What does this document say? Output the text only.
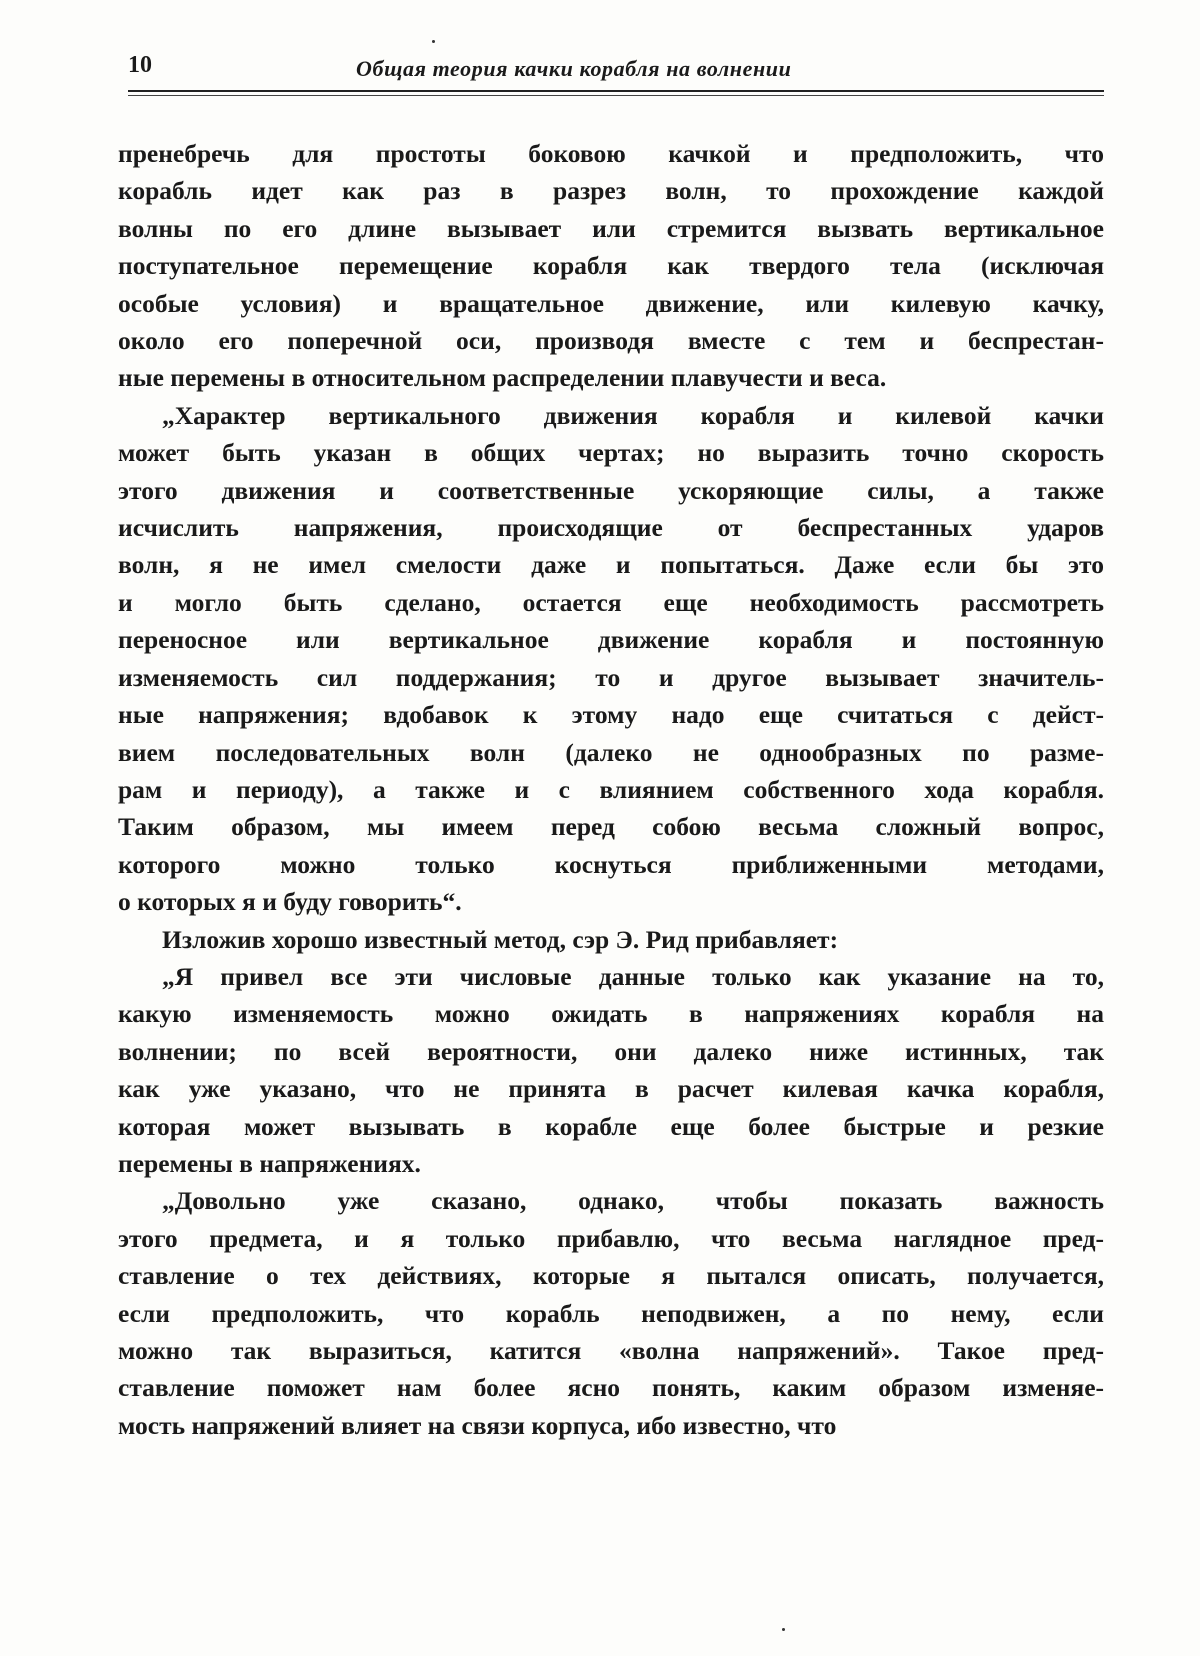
10	Общая теория качки корабля на волнении
пренебречь для простоты боковою качкой и предположить, что
корабль идет как раз в разрез волн, то прохождение каждой
волны по его длине вызывает или стремится вызвать вертикальное
поступательное перемещение корабля как твердого тела (исключая
особые условия) и вращательное движение, или килевую качку,
около его поперечной оси, производя вместе с тем и беспрестан-
ные перемены в относительном распределении плавучести и веса.
„Характер вертикального движения корабля и килевой качки
может быть указан в общих чертах; но выразить точно скорость
этого движения и соответственные ускоряющие силы, а также
исчислить напряжения, происходящие от беспрестанных ударов
волн, я не имел смелости даже и попытаться. Даже если бы это
и могло быть сделано, остается еще необходимость рассмотреть
переносное или вертикальное движение корабля и постоянную
изменяемость сил поддержания; то и другое вызывает значитель-
ные напряжения; вдобавок к этому надо еще считаться с дейст-
вием последовательных волн (далеко не однообразных по разме-
рам и периоду), а также и с влиянием собственного хода корабля.
Таким образом, мы имеем перед собою весьма сложный вопрос,
которого можно только коснуться приближенными методами,
о которых я и буду говорить“.
Изложив хорошо известный метод, сэр Э. Рид прибавляет:
„Я привел все эти числовые данные только как указание на то,
какую изменяемость можно ожидать в напряжениях корабля на
волнении; по всей вероятности, они далеко ниже истинных, так
как уже указано, что не принята в расчет килевая качка корабля,
которая может вызывать в корабле еще более быстрые и резкие
перемены в напряжениях.
„Довольно уже сказано, однако, чтобы показать важность
этого предмета, и я только прибавлю, что весьма наглядное пред-
ставление о тех действиях, которые я пытался описать, получается,
если предположить, что корабль неподвижен, а по нему, если
можно так выразиться, катится «волна напряжений». Такое пред-
ставление поможет нам более ясно понять, каким образом изменяе-
мость напряжений влияет на связи корпуса, ибо известно, что
